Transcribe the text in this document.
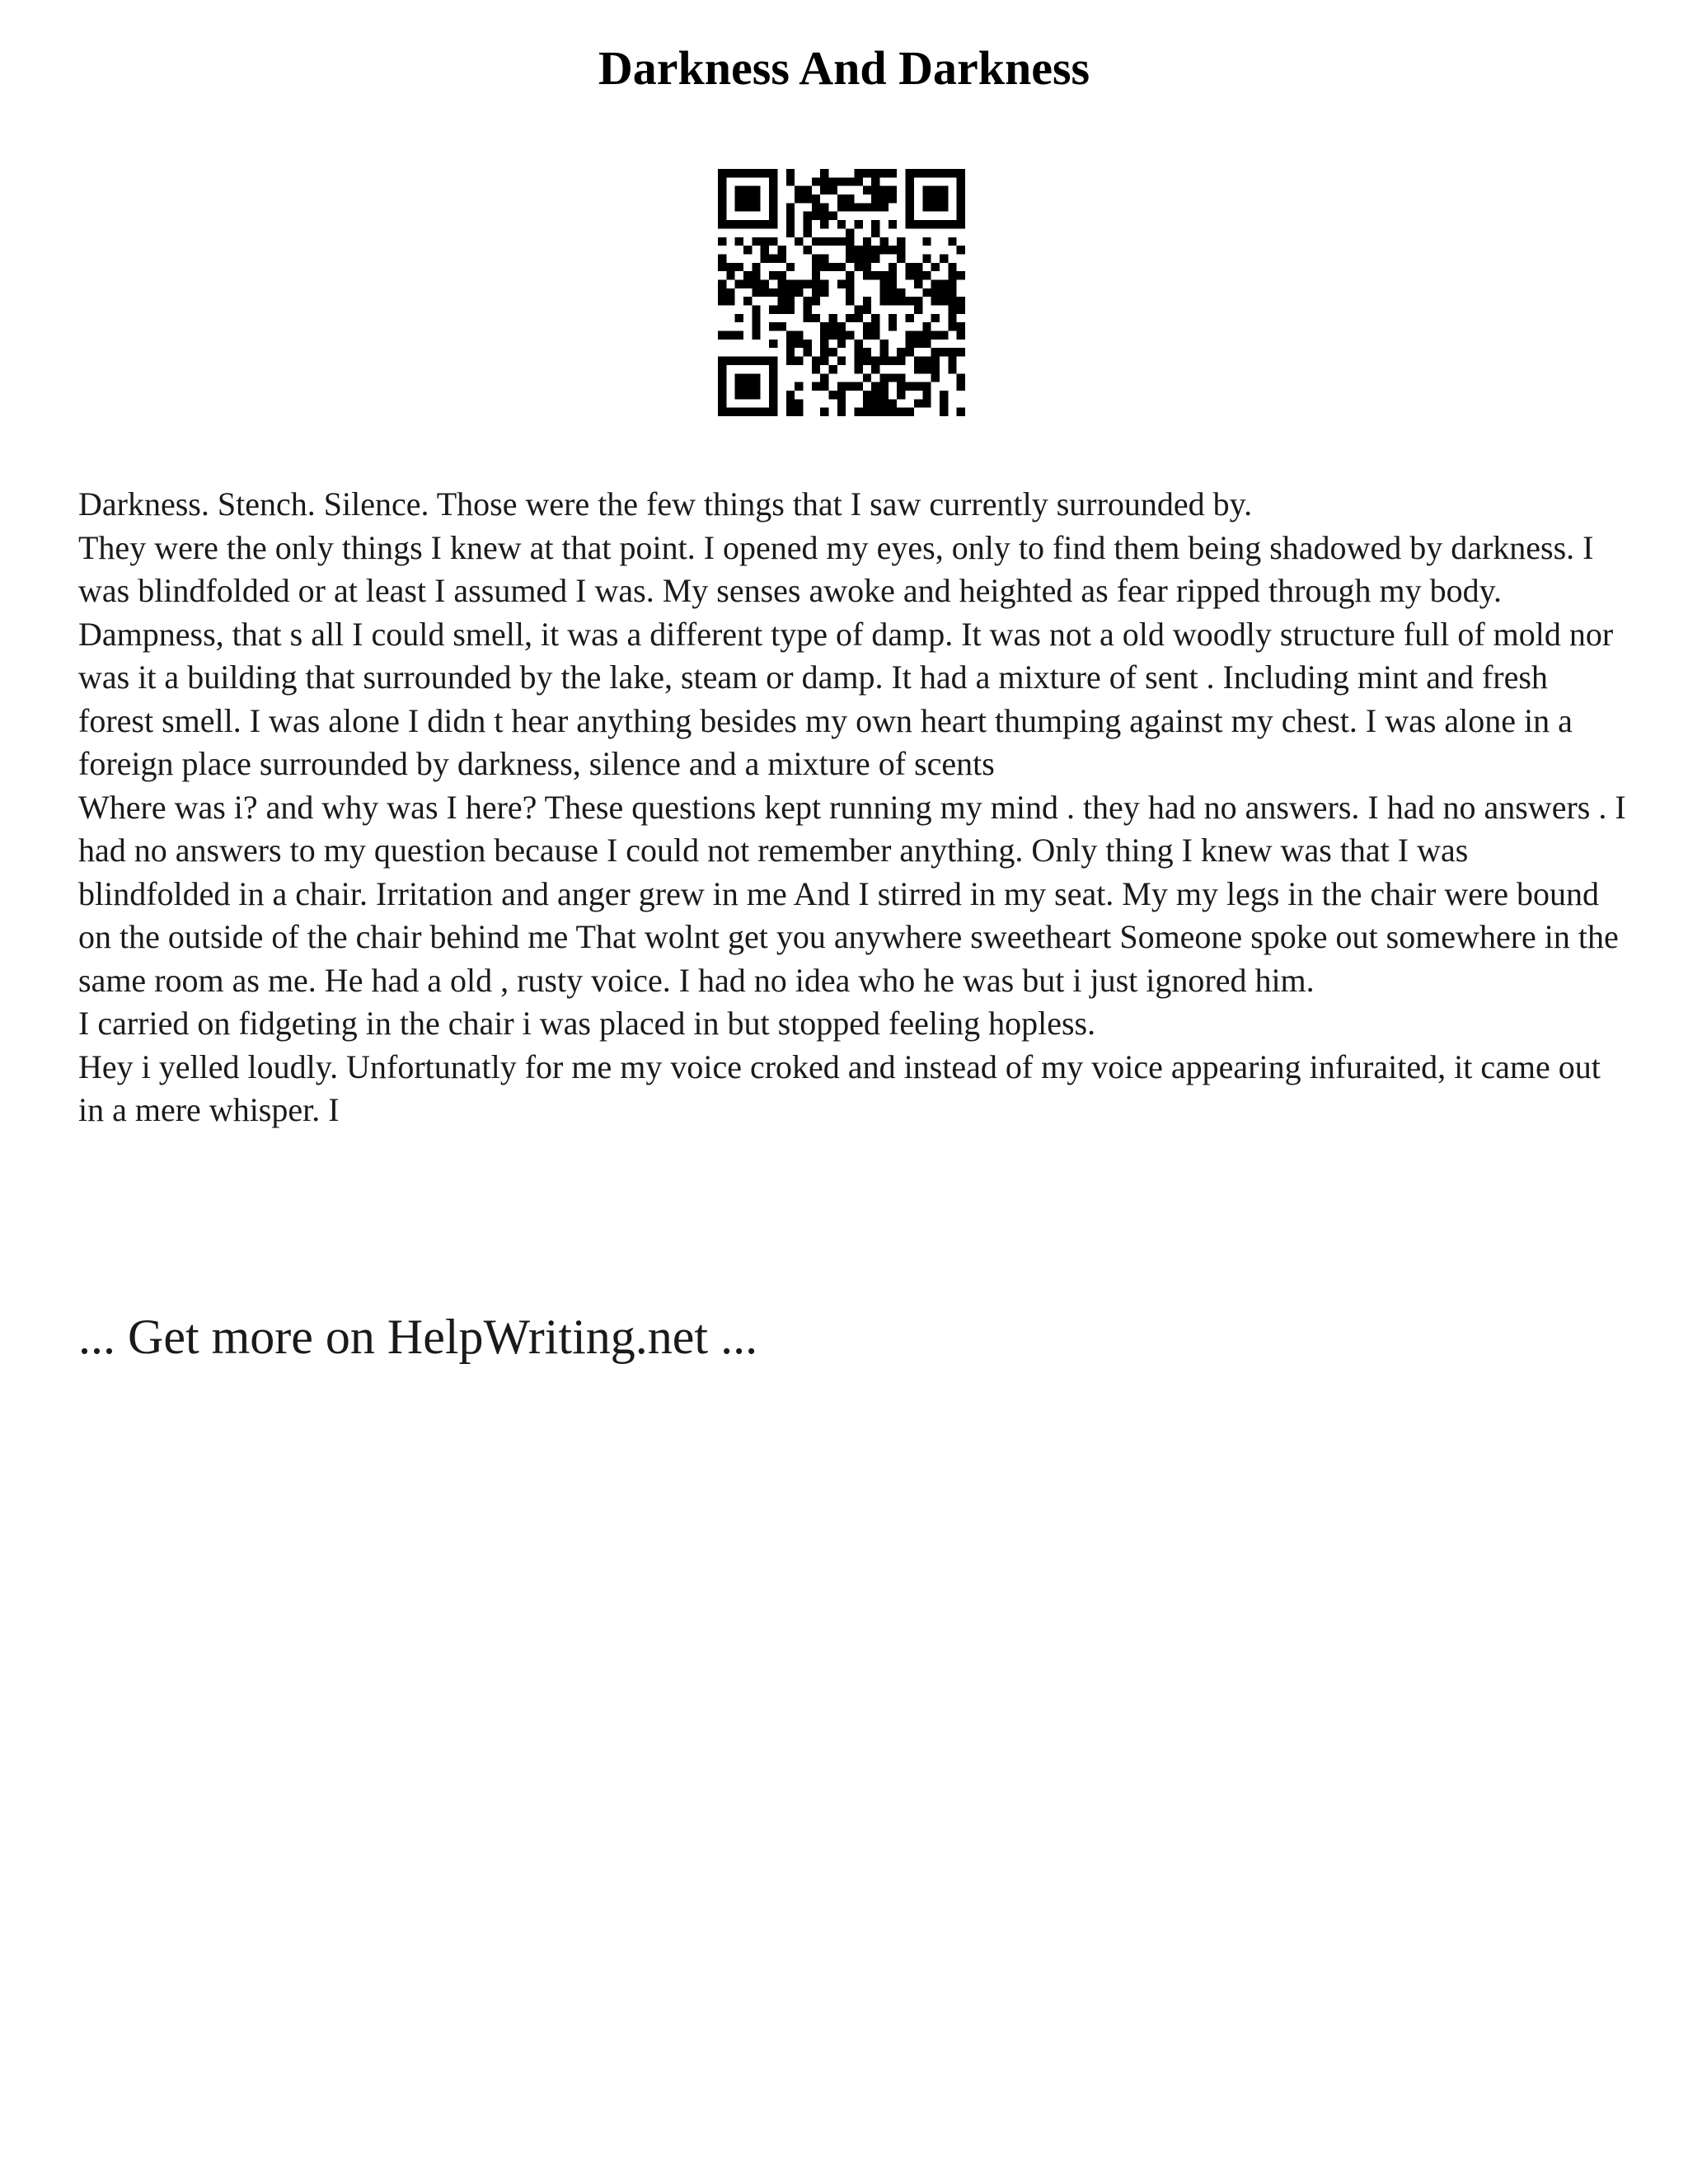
Darkness And Darkness

Darkness. Stench. Silence. Those were the few things that I saw currently surrounded by.

They were the only things I knew at that point. I opened my eyes, only to find them being shadowed by darkness. I was blindfolded or at least I assumed I was. My senses awoke and heighted as fear ripped through my body.

Dampness, that s all I could smell, it was a different type of damp. It was not a old woodly structure full of mold nor was it a building that surrounded by the lake, steam or damp. It had a mixture of sent . Including mint and fresh forest smell. I was alone I didn t hear anything besides my own heart thumping against my chest. I was alone in a foreign place surrounded by darkness, silence and a mixture of scents

Where was i? and why was I here? These questions kept running my mind . they had no answers. I had no answers . I had no answers to my question because I could not remember anything. Only thing I knew was that I was blindfolded in a chair. Irritation and anger grew in me And I stirred in my seat. My my legs in the chair were bound on the outside of the chair behind me That wolnt get you anywhere sweetheart Someone spoke out somewhere in the same room as me. He had a old , rusty voice. I had no idea who he was but i just ignored him.

I carried on fidgeting in the chair i was placed in but stopped feeling hopless.

Hey i yelled loudly. Unfortunatly for me my voice croked and instead of my voice appearing infuraited, it came out in a mere whisper. I

... Get more on HelpWriting.net ...
